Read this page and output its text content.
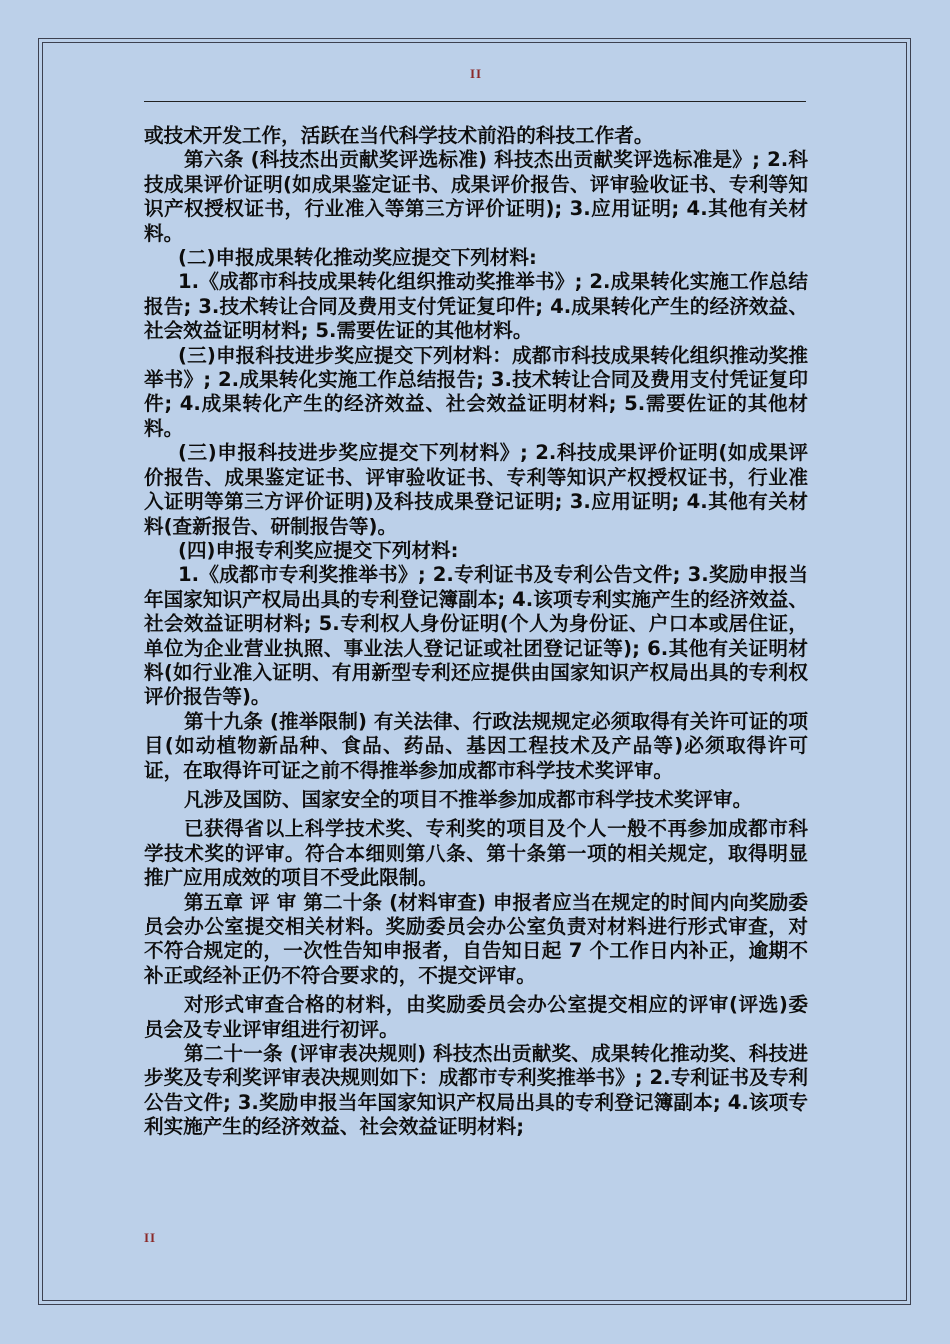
II

或技术开发工作，活跃在当代科学技术前沿的科技工作者。

第六条 (科技杰出贡献奖评选标准) 科技杰出贡献奖评选标准是》; 2.科技成果评价证明(如成果鉴定证书、成果评价报告、评审验收证书、专利等知识产权授权证书，行业准入等第三方评价证明); 3.应用证明; 4.其他有关材料。

(二)申报成果转化推动奖应提交下列材料:

1.《成都市科技成果转化组织推动奖推举书》; 2.成果转化实施工作总结报告; 3.技术转让合同及费用支付凭证复印件; 4.成果转化产生的经济效益、社会效益证明材料; 5.需要佐证的其他材料。

(三)申报科技进步奖应提交下列材料：成都市科技成果转化组织推动奖推举书》; 2.成果转化实施工作总结报告; 3.技术转让合同及费用支付凭证复印件; 4.成果转化产生的经济效益、社会效益证明材料; 5.需要佐证的其他材料。

(三)申报科技进步奖应提交下列材料》; 2.科技成果评价证明(如成果评价报告、成果鉴定证书、评审验收证书、专利等知识产权授权证书，行业准入证明等第三方评价证明)及科技成果登记证明; 3.应用证明; 4.其他有关材料(查新报告、研制报告等)。

(四)申报专利奖应提交下列材料:

1.《成都市专利奖推举书》; 2.专利证书及专利公告文件; 3.奖励申报当年国家知识产权局出具的专利登记簿副本; 4.该项专利实施产生的经济效益、社会效益证明材料; 5.专利权人身份证明(个人为身份证、户口本或居住证，单位为企业营业执照、事业法人登记证或社团登记证等); 6.其他有关证明材料(如行业准入证明、有用新型专利还应提供由国家知识产权局出具的专利权评价报告等)。

第十九条 (推举限制) 有关法律、行政法规规定必须取得有关许可证的项目(如动植物新品种、食品、药品、基因工程技术及产品等)必须取得许可证，在取得许可证之前不得推举参加成都市科学技术奖评审。

凡涉及国防、国家安全的项目不推举参加成都市科学技术奖评审。

已获得省以上科学技术奖、专利奖的项目及个人一般不再参加成都市科学技术奖的评审。符合本细则第八条、第十条第一项的相关规定，取得明显推广应用成效的项目不受此限制。

第五章 评 审 第二十条 (材料审查) 申报者应当在规定的时间内向奖励委员会办公室提交相关材料。奖励委员会办公室负责对材料进行形式审查，对不符合规定的，一次性告知申报者，自告知日起 7 个工作日内补正，逾期不补正或经补正仍不符合要求的，不提交评审。

对形式审查合格的材料，由奖励委员会办公室提交相应的评审(评选)委员会及专业评审组进行初评。

第二十一条 (评审表决规则) 科技杰出贡献奖、成果转化推动奖、科技进步奖及专利奖评审表决规则如下：成都市专利奖推举书》; 2.专利证书及专利公告文件; 3.奖励申报当年国家知识产权局出具的专利登记簿副本; 4.该项专利实施产生的经济效益、社会效益证明材料;

II
